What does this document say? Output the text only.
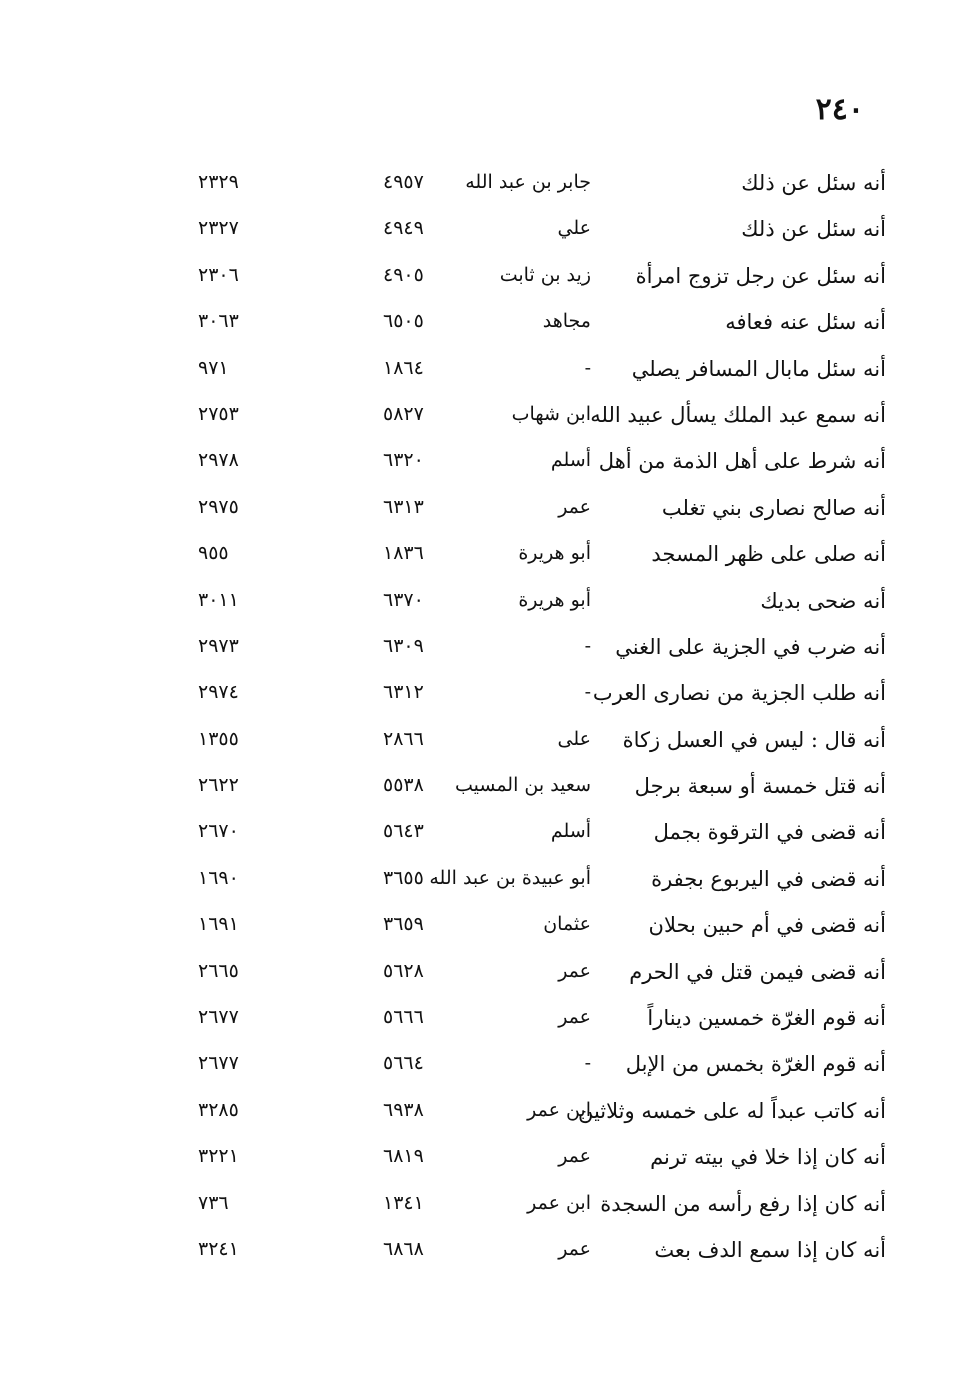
٢٤٠
أنه سئل عن ذلك
جابر بن عبد الله
٤٩٥٧
٢٣٢٩
أنه سئل عن ذلك
علي
٤٩٤٩
٢٣٢٧
أنه سئل عن رجل تزوج امرأة
زيد بن ثابت
٤٩٠٥
٢٣٠٦
أنه سئل عنه فعافه
مجاهد
٦٥٠٥
٣٠٦٣
أنه سئل مابال المسافر يصلي
-
١٨٦٤
٩٧١
أنه سمع عبد الملك يسأل عبيد الله
ابن شهاب
٥٨٢٧
٢٧٥٣
أنه شرط على أهل الذمة من أهل
أسلم
٦٣٢٠
٢٩٧٨
أنه صالح نصارى بني تغلب
عمر
٦٣١٣
٢٩٧٥
أنه صلى على ظهر المسجد
أبو هريرة
١٨٣٦
٩٥٥
أنه ضحى بديك
أبو هريرة
٦٣٧٠
٣٠١١
أنه ضرب في الجزية على الغني
-
٦٣٠٩
٢٩٧٣
أنه طلب الجزية من نصارى العرب
-
٦٣١٢
٢٩٧٤
أنه قال : ليس في العسل زكاة
على
٢٨٦٦
١٣٥٥
أنه قتل خمسة أو سبعة برجل
سعيد بن المسيب
٥٥٣٨
٢٦٢٢
أنه قضى في الترقوة بجمل
أسلم
٥٦٤٣
٢٦٧٠
أنه قضى في اليربوع بجفرة
أبو عبيدة بن عبد الله
٣٦٥٥
١٦٩٠
أنه قضى في أم حبين بحلان
عثمان
٣٦٥٩
١٦٩١
أنه قضى فيمن قتل في الحرم
عمر
٥٦٢٨
٢٦٦٥
أنه قوم الغرّة خمسين ديناراً
عمر
٥٦٦٦
٢٦٧٧
أنه قوم الغرّة بخمس من الإبل
-
٥٦٦٤
٢٦٧٧
أنه كاتب عبداً له على خمسه وثلاثين
ابن عمر
٦٩٣٨
٣٢٨٥
أنه كان إذا خلا في بيته ترنم
عمر
٦٨١٩
٣٢٢١
أنه كان إذا رفع رأسه من السجدة
ابن عمر
١٣٤١
٧٣٦
أنه كان إذا سمع الدف بعث
عمر
٦٨٦٨
٣٢٤١
